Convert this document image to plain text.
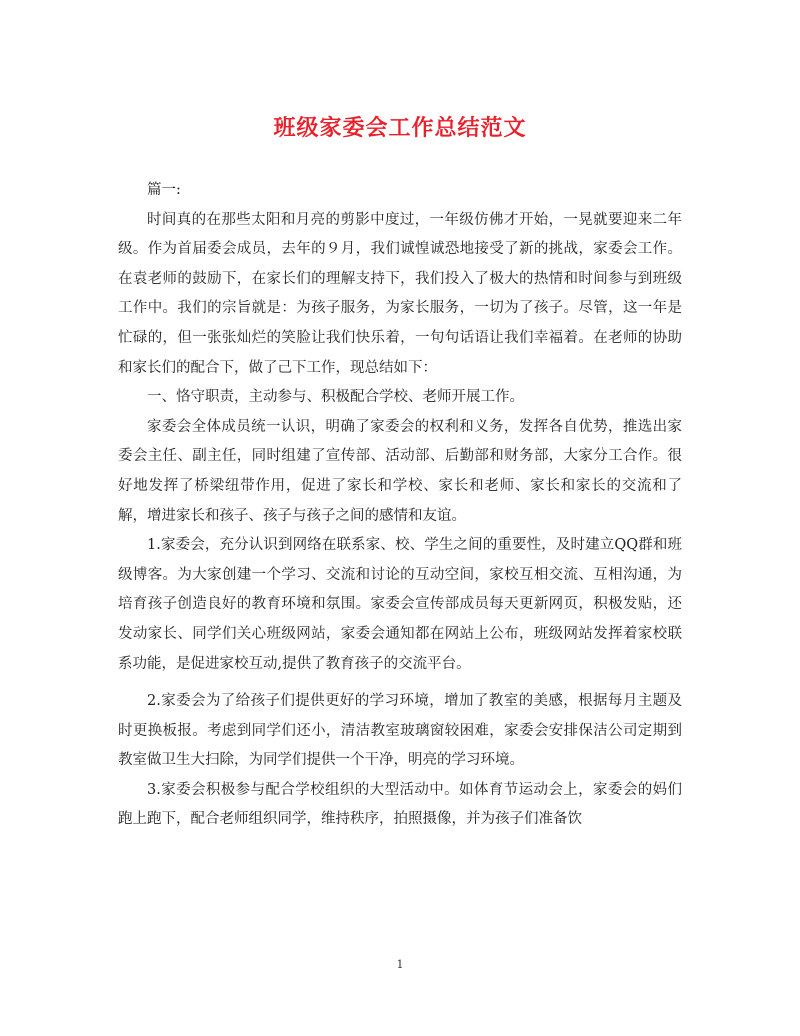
班级家委会工作总结范文

篇一:

时间真的在那些太阳和月亮的剪影中度过，一年级仿佛才开始，一晃就要迎来二年级。作为首届委会成员，去年的９月，我们诚惶诚恐地接受了新的挑战，家委会工作。在袁老师的鼓励下，在家长们的理解支持下，我们投入了极大的热情和时间参与到班级工作中。我们的宗旨就是：为孩子服务，为家长服务，一切为了孩子。尽管，这一年是忙碌的，但一张张灿烂的笑脸让我们快乐着，一句句话语让我们幸福着。在老师的协助和家长们的配合下，做了己下工作，现总结如下：

一、恪守职责，主动参与、积极配合学校、老师开展工作。

家委会全体成员统一认识，明确了家委会的权利和义务，发挥各自优势，推选出家委会主任、副主任，同时组建了宣传部、活动部、后勤部和财务部，大家分工合作。很好地发挥了桥梁纽带作用，促进了家长和学校、家长和老师、家长和家长的交流和了解，增进家长和孩子、孩子与孩子之间的感情和友谊。

1.家委会，充分认识到网络在联系家、校、学生之间的重要性，及时建立QQ群和班级博客。为大家创建一个学习、交流和讨论的互动空间，家校互相交流、互相沟通，为培育孩子创造良好的教育环境和氛围。家委会宣传部成员每天更新网页，积极发贴，还发动家长、同学们关心班级网站，家委会通知都在网站上公布，班级网站发挥着家校联系功能，是促进家校互动,提供了教育孩子的交流平台。

2.家委会为了给孩子们提供更好的学习环境，增加了教室的美感，根据每月主题及时更换板报。考虑到同学们还小，清洁教室玻璃窗较困难，家委会安排保洁公司定期到教室做卫生大扫除，为同学们提供一个干净，明亮的学习环境。

3.家委会积极参与配合学校组织的大型活动中。如体育节运动会上，家委会的妈们跑上跑下，配合老师组织同学，维持秩序，拍照摄像，并为孩子们准备饮

1
